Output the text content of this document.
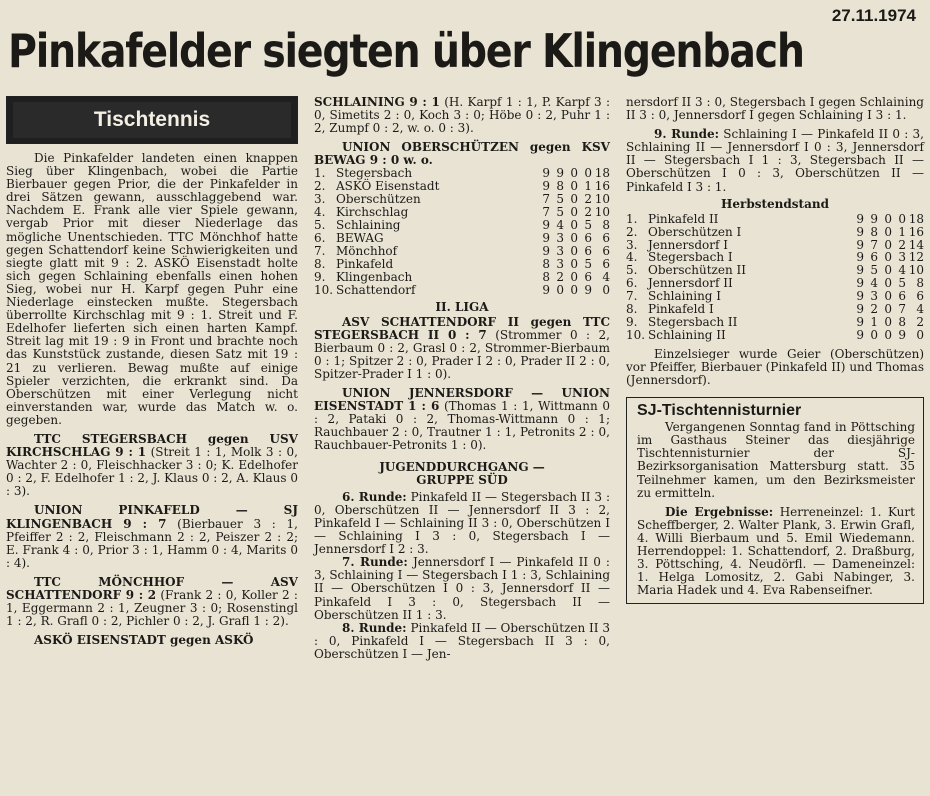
27.11.1974
Pinkafelder siegten über Klingenbach
Tischtennis

Die Pinkafelder landeten einen knappen Sieg über Klingenbach, wobei die Partie Bierbauer gegen Prior, die der Pinkafelder in drei Sätzen gewann, ausschlaggebend war. Nachdem E. Frank alle vier Spiele gewann, vergab Prior mit dieser Niederlage das mögliche Unentschieden. TTC Mönchhof hatte gegen Schattendorf keine Schwierigkeiten und siegte glatt mit 9 : 2. ASKÖ Eisenstadt holte sich gegen Schlaining ebenfalls einen hohen Sieg, wobei nur H. Karpf gegen Puhr eine Niederlage einstecken mußte. Stegersbach überrollte Kirchschlag mit 9 : 1. Streit und F. Edelhofer lieferten sich einen harten Kampf. Streit lag mit 19 : 9 in Front und brachte noch das Kunststück zustande, diesen Satz mit 19 : 21 zu verlieren. Bewag mußte auf einige Spieler verzichten, die erkrankt sind. Da Oberschützen mit einer Verlegung nicht einverstanden war, wurde das Match w. o. gegeben.

TTC STEGERSBACH gegen USV KIRCHSCHLAG 9 : 1 (Streit 1 : 1, Molk 3 : 0, Wachter 2 : 0, Fleischhacker 3 : 0; K. Edelhofer 0 : 2, F. Edelhofer 1 : 2, J. Klaus 0 : 2, A. Klaus 0 : 3).

UNION PINKAFELD — SJ KLINGENBACH 9 : 7 (Bierbauer 3 : 1, Pfeiffer 2 : 2, Fleischmann 2 : 2, Peiszer 2 : 2; E. Frank 4 : 0, Prior 3 : 1, Hamm 0 : 4, Marits 0 : 4).

TTC MÖNCHHOF — ASV SCHATTENDORF 9 : 2 (Frank 2 : 0, Koller 2 : 1, Eggermann 2 : 1, Zeugner 3 : 0; Rosenstingl 1 : 2, R. Grafl 0 : 2, Pichler 0 : 2, J. Grafl 1 : 2).

ASKÖ EISENSTADT gegen ASKÖ

SCHLAINING 9 : 1 (H. Karpf 1 : 1, P. Karpf 3 : 0, Simetits 2 : 0, Koch 3 : 0; Höbe 0 : 2, Puhr 1 : 2, Zumpf 0 : 2, w. o. 0 : 3).

UNION OBERSCHÜTZEN gegen KSV BEWAG 9 : 0 w. o.

1.	Stegersbach	9	9	0	0	18
2.	ASKÖ Eisenstadt	9	8	0	1	16
3.	Oberschützen	7	5	0	2	10
4.	Kirchschlag	7	5	0	2	10
5.	Schlaining	9	4	0	5	8
6.	BEWAG	9	3	0	6	6
7.	Mönchhof	9	3	0	6	6
8.	Pinkafeld	8	3	0	5	6
9.	Klingenbach	8	2	0	6	4
10.	Schattendorf	9	0	0	9	0
II. LIGA

ASV SCHATTENDORF II gegen TTC STEGERSBACH II 0 : 7 (Strommer 0 : 2, Bierbaum 0 : 2, Grasl 0 : 2, Strommer-Bierbaum 0 : 1; Spitzer 2 : 0, Prader I 2 : 0, Prader II 2 : 0, Spitzer-Prader I 1 : 0).

UNION JENNERSDORF — UNION EISENSTADT 1 : 6 (Thomas 1 : 1, Wittmann 0 : 2, Pataki 0 : 2, Thomas-Wittmann 0 : 1; Rauchbauer 2 : 0, Trautner 1 : 1, Petronits 2 : 0, Rauchbauer-Petronits 1 : 0).

JUGENDDURCHGANG —
GRUPPE SÜD

6. Runde: Pinkafeld II — Stegersbach II 3 : 0, Oberschützen II — Jennersdorf II 3 : 2, Pinkafeld I — Schlaining II 3 : 0, Oberschützen I — Schlaining I 3 : 0, Stegersbach I — Jennersdorf I 2 : 3.

7. Runde: Jennersdorf I — Pinkafeld II 0 : 3, Schlaining I — Stegersbach I 1 : 3, Schlaining II — Oberschützen I 0 : 3, Jennersdorf II — Pinkafeld I 3 : 0, Stegersbach II — Oberschützen II 1 : 3.

8. Runde: Pinkafeld II — Oberschützen II 3 : 0, Pinkafeld I — Stegersbach II 3 : 0, Oberschützen I — Jen-

nersdorf II 3 : 0, Stegersbach I gegen Schlaining II 3 : 0, Jennersdorf I gegen Schlaining I 3 : 1.

9. Runde: Schlaining I — Pinkafeld II 0 : 3, Schlaining II — Jennersdorf I 0 : 3, Jennersdorf II — Stegersbach I 1 : 3, Stegersbach II — Oberschützen I 0 : 3, Oberschützen II — Pinkafeld I 3 : 1.

Herbstendstand
1.	Pinkafeld II	9	9	0	0	18
2.	Oberschützen I	9	8	0	1	16
3.	Jennersdorf I	9	7	0	2	14
4.	Stegersbach I	9	6	0	3	12
5.	Oberschützen II	9	5	0	4	10
6.	Jennersdorf II	9	4	0	5	8
7.	Schlaining I	9	3	0	6	6
8.	Pinkafeld I	9	2	0	7	4
9.	Stegersbach II	9	1	0	8	2
10.	Schlaining II	9	0	0	9	0

Einzelsieger wurde Geier (Oberschützen) vor Pfeiffer, Bierbauer (Pinkafeld II) und Thomas (Jennersdorf).

SJ-Tischtennisturnier

Vergangenen Sonntag fand in Pöttsching im Gasthaus Steiner das diesjährige Tischtennisturnier der SJ-Bezirksorganisation Mattersburg statt. 35 Teilnehmer kamen, um den Bezirksmeister zu ermitteln.

Die Ergebnisse: Herreneinzel: 1. Kurt Scheffberger, 2. Walter Plank, 3. Erwin Grafl, 4. Willi Bierbaum und 5. Emil Wiedemann. Herrendoppel: 1. Schattendorf, 2. Draßburg, 3. Pöttsching, 4. Neudörfl. — Dameneinzel: 1. Helga Lomositz, 2. Gabi Nabinger, 3. Maria Hadek und 4. Eva Rabenseifner.
